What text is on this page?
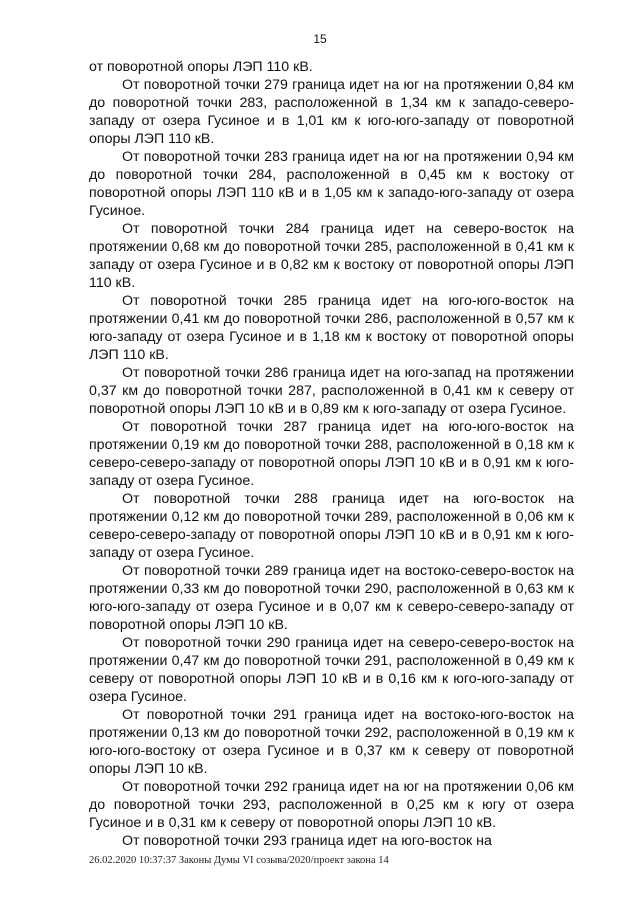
15

от поворотной опоры ЛЭП 110 кВ.

От поворотной точки 279 граница идет на юг на протяжении 0,84 км до поворотной точки 283, расположенной в 1,34 км к западо-северо-западу от озера Гусиное и в 1,01 км к юго-юго-западу от поворотной опоры ЛЭП 110 кВ.

От поворотной точки 283 граница идет на юг на протяжении 0,94 км до поворотной точки 284, расположенной в 0,45 км к востоку от поворотной опоры ЛЭП 110 кВ и в 1,05 км к западо-юго-западу от озера Гусиное.

От поворотной точки 284 граница идет на северо-восток на протяжении 0,68 км до поворотной точки 285, расположенной в 0,41 км к западу от озера Гусиное и в 0,82 км к востоку от поворотной опоры ЛЭП 110 кВ.

От поворотной точки 285 граница идет на юго-юго-восток на протяжении 0,41 км до поворотной точки 286, расположенной в 0,57 км к юго-западу от озера Гусиное и в 1,18 км к востоку от поворотной опоры ЛЭП 110 кВ.

От поворотной точки 286 граница идет на юго-запад на протяжении 0,37 км до поворотной точки 287, расположенной в 0,41 км к северу от поворотной опоры ЛЭП 10 кВ и в 0,89 км к юго-западу от озера Гусиное.

От поворотной точки 287 граница идет на юго-юго-восток на протяжении 0,19 км до поворотной точки 288, расположенной в 0,18 км к северо-северо-западу от поворотной опоры ЛЭП 10 кВ и в 0,91 км к юго-западу от озера Гусиное.

От поворотной точки 288 граница идет на юго-восток на протяжении 0,12 км до поворотной точки 289, расположенной в 0,06 км к северо-северо-западу от поворотной опоры ЛЭП 10 кВ и в 0,91 км к юго-западу от озера Гусиное.

От поворотной точки 289 граница идет на востоко-северо-восток на протяжении 0,33 км до поворотной точки 290, расположенной в 0,63 км к юго-юго-западу от озера Гусиное и в 0,07 км к северо-северо-западу от поворотной опоры ЛЭП 10 кВ.

От поворотной точки 290 граница идет на северо-северо-восток на протяжении 0,47 км до поворотной точки 291, расположенной в 0,49 км к северу от поворотной опоры ЛЭП 10 кВ и в 0,16 км к юго-юго-западу от озера Гусиное.

От поворотной точки 291 граница идет на востоко-юго-восток на протяжении 0,13 км до поворотной точки 292, расположенной в 0,19 км к юго-юго-востоку от озера Гусиное и в 0,37 км к северу от поворотной опоры ЛЭП 10 кВ.

От поворотной точки 292 граница идет на юг на протяжении 0,06 км до поворотной точки 293, расположенной в 0,25 км к югу от озера Гусиное и в 0,31 км к северу от поворотной опоры ЛЭП 10 кВ.

От поворотной точки 293 граница идет на юго-восток на

26.02.2020 10:37:37 Законы Думы VI созыва/2020/проект закона 14
